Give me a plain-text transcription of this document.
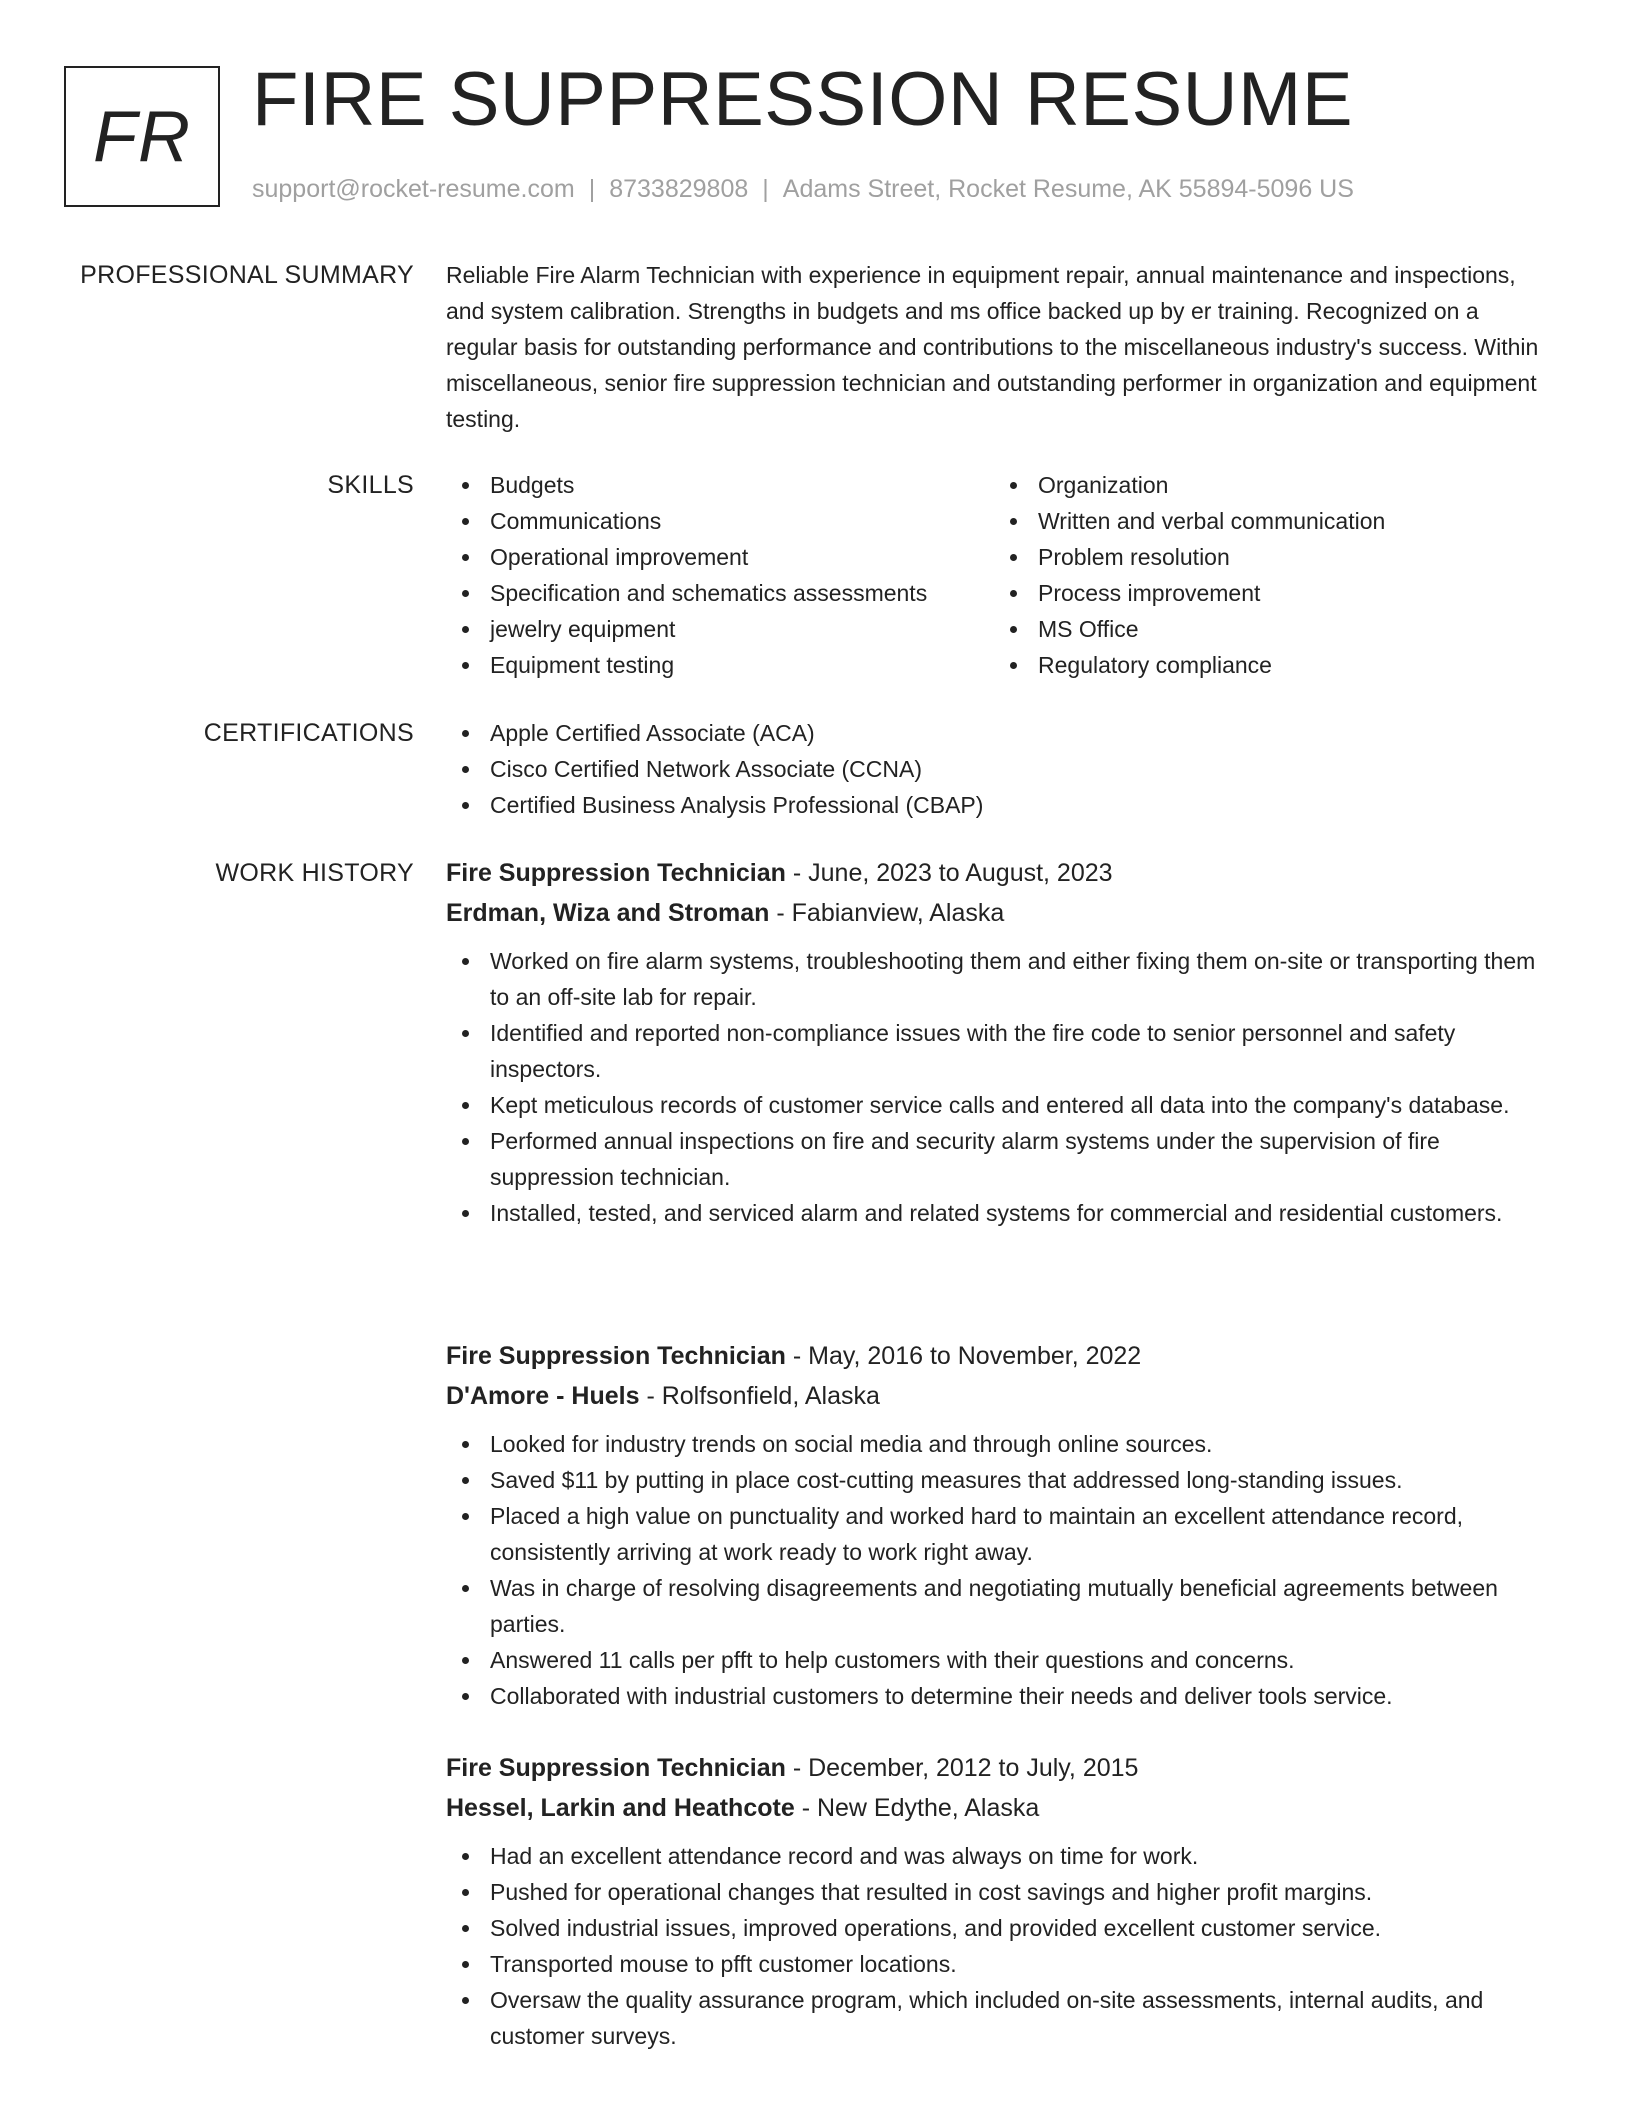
FR FIRE SUPPRESSION RESUME
support@rocket-resume.com | 8733829808 | Adams Street, Rocket Resume, AK 55894-5096 US
PROFESSIONAL SUMMARY Reliable Fire Alarm Technician with experience in equipment repair, annual maintenance and inspections, and system calibration. Strengths in budgets and ms office backed up by er training. Recognized on a regular basis for outstanding performance and contributions to the miscellaneous industry's success. Within miscellaneous, senior fire suppression technician and outstanding performer in organization and equipment testing.

SKILLS	Budgets
Communications
Operational improvement
Specification and schematics assessments
jewelry equipment
Equipment testing
Organization
Written and verbal communication
Problem resolution
Process improvement
MS Office
Regulatory compliance
CERTIFICATIONS	Apple Certified Associate (ACA)
Cisco Certified Network Associate (CCNA)
Certified Business Analysis Professional (CBAP)
WORK HISTORY Fire Suppression Technician - June, 2023 to August, 2023
Erdman, Wiza and Stroman - Fabianview, Alaska
Worked on fire alarm systems, troubleshooting them and either fixing them on-site or transporting them to an off-site lab for repair.
Identified and reported non-compliance issues with the fire code to senior personnel and safety inspectors.
Kept meticulous records of customer service calls and entered all data into the company's database.
Performed annual inspections on fire and security alarm systems under the supervision of fire suppression technician.
Installed, tested, and serviced alarm and related systems for commercial and residential customers.
Fire Suppression Technician - May, 2016 to November, 2022
D'Amore - Huels - Rolfsonfield, Alaska
Looked for industry trends on social media and through online sources.
Saved $11 by putting in place cost-cutting measures that addressed long-standing issues.
Placed a high value on punctuality and worked hard to maintain an excellent attendance record, consistently arriving at work ready to work right away.
Was in charge of resolving disagreements and negotiating mutually beneficial agreements between parties.
Answered 11 calls per pfft to help customers with their questions and concerns.
Collaborated with industrial customers to determine their needs and deliver tools service.
Fire Suppression Technician - December, 2012 to July, 2015
Hessel, Larkin and Heathcote - New Edythe, Alaska
Had an excellent attendance record and was always on time for work.
Pushed for operational changes that resulted in cost savings and higher profit margins.
Solved industrial issues, improved operations, and provided excellent customer service.
Transported mouse to pfft customer locations.
Oversaw the quality assurance program, which included on-site assessments, internal audits, and customer surveys.
